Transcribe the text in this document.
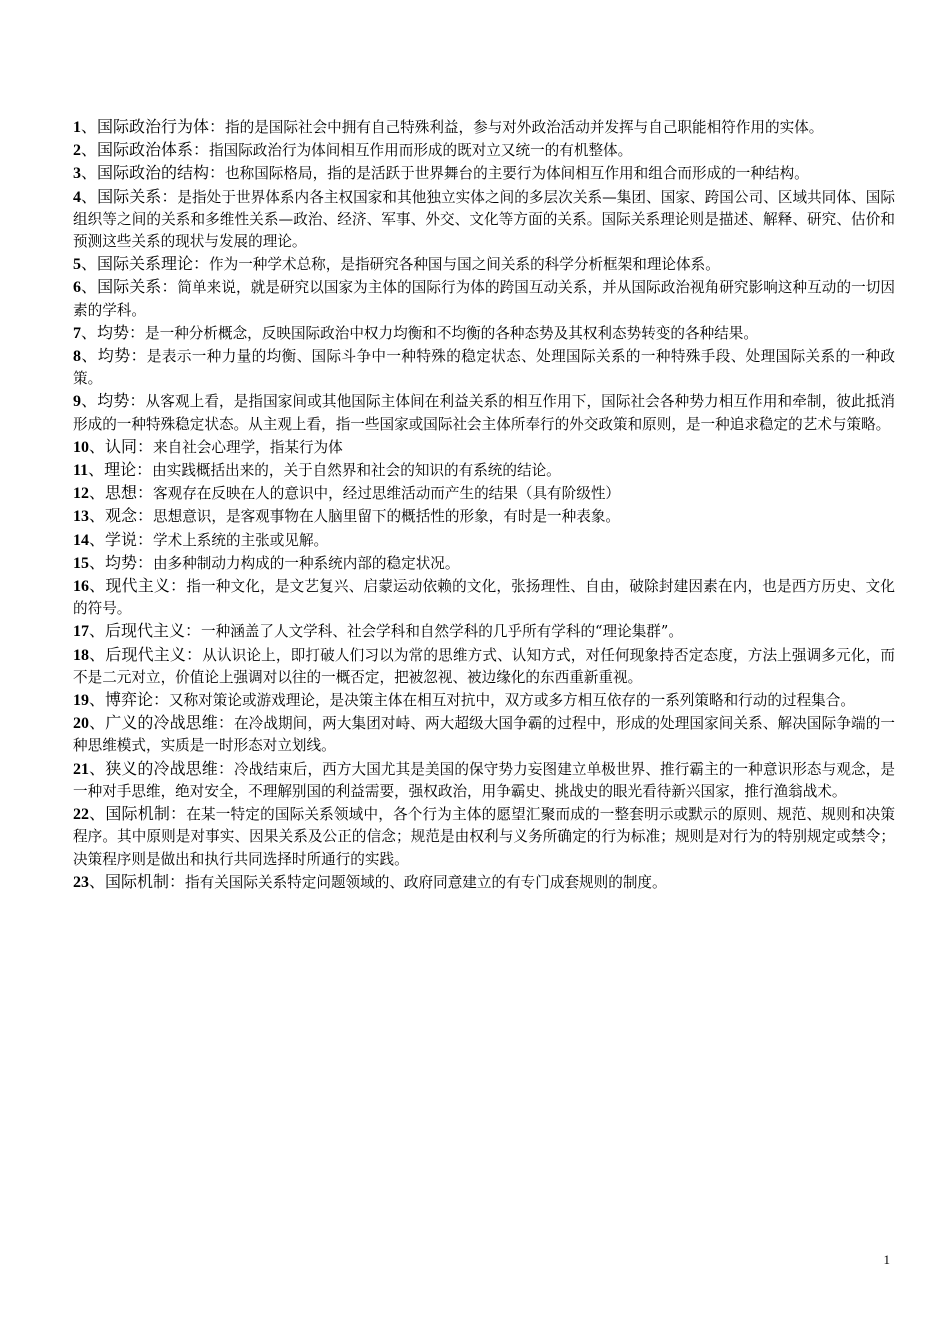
1、国际政治行为体：指的是国际社会中拥有自己特殊利益，参与对外政治活动并发挥与自己职能相符作用的实体。

2、国际政治体系：指国际政治行为体间相互作用而形成的既对立又统一的有机整体。

3、国际政治的结构：也称国际格局，指的是活跃于世界舞台的主要行为体间相互作用和组合而形成的一种结构。

4、国际关系：是指处于世界体系内各主权国家和其他独立实体之间的多层次关系—集团、国家、跨国公司、区域共同体、国际组织等之间的关系和多维性关系—政治、经济、军事、外交、文化等方面的关系。国际关系理论则是描述、解释、研究、估价和预测这些关系的现状与发展的理论。

5、国际关系理论：作为一种学术总称，是指研究各种国与国之间关系的科学分析框架和理论体系。

6、国际关系：简单来说，就是研究以国家为主体的国际行为体的跨国互动关系，并从国际政治视角研究影响这种互动的一切因素的学科。

7、均势：是一种分析概念，反映国际政治中权力均衡和不均衡的各种态势及其权利态势转变的各种结果。

8、均势：是表示一种力量的均衡、国际斗争中一种特殊的稳定状态、处理国际关系的一种特殊手段、处理国际关系的一种政策。

9、均势：从客观上看，是指国家间或其他国际主体间在利益关系的相互作用下，国际社会各种势力相互作用和牵制，彼此抵消形成的一种特殊稳定状态。从主观上看，指一些国家或国际社会主体所奉行的外交政策和原则，是一种追求稳定的艺术与策略。

10、认同：来自社会心理学，指某行为体

11、理论：由实践概括出来的，关于自然界和社会的知识的有系统的结论。

12、思想：客观存在反映在人的意识中，经过思维活动而产生的结果（具有阶级性）

13、观念：思想意识，是客观事物在人脑里留下的概括性的形象，有时是一种表象。

14、学说：学术上系统的主张或见解。

15、均势：由多种制动力构成的一种系统内部的稳定状况。

16、现代主义：指一种文化，是文艺复兴、启蒙运动依赖的文化，张扬理性、自由，破除封建因素在内，也是西方历史、文化的符号。

17、后现代主义：一种涵盖了人文学科、社会学科和自然学科的几乎所有学科的“理论集群”。

18、后现代主义：从认识论上，即打破人们习以为常的思维方式、认知方式，对任何现象持否定态度，方法上强调多元化，而不是二元对立，价值论上强调对以往的一概否定，把被忽视、被边缘化的东西重新重视。

19、博弈论：又称对策论或游戏理论，是决策主体在相互对抗中，双方或多方相互依存的一系列策略和行动的过程集合。

20、广义的冷战思维：在冷战期间，两大集团对峙、两大超级大国争霸的过程中，形成的处理国家间关系、解决国际争端的一种思维模式，实质是一时形态对立划线。

21、狭义的冷战思维：冷战结束后，西方大国尤其是美国的保守势力妄图建立单极世界、推行霸主的一种意识形态与观念，是一种对手思维，绝对安全，不理解别国的利益需要，强权政治，用争霸史、挑战史的眼光看待新兴国家，推行渔翁战术。

22、国际机制：在某一特定的国际关系领域中，各个行为主体的愿望汇聚而成的一整套明示或默示的原则、规范、规则和决策程序。其中原则是对事实、因果关系及公正的信念；规范是由权利与义务所确定的行为标准；规则是对行为的特别规定或禁令；决策程序则是做出和执行共同选择时所通行的实践。

23、国际机制：指有关国际关系特定问题领域的、政府同意建立的有专门成套规则的制度。

1
